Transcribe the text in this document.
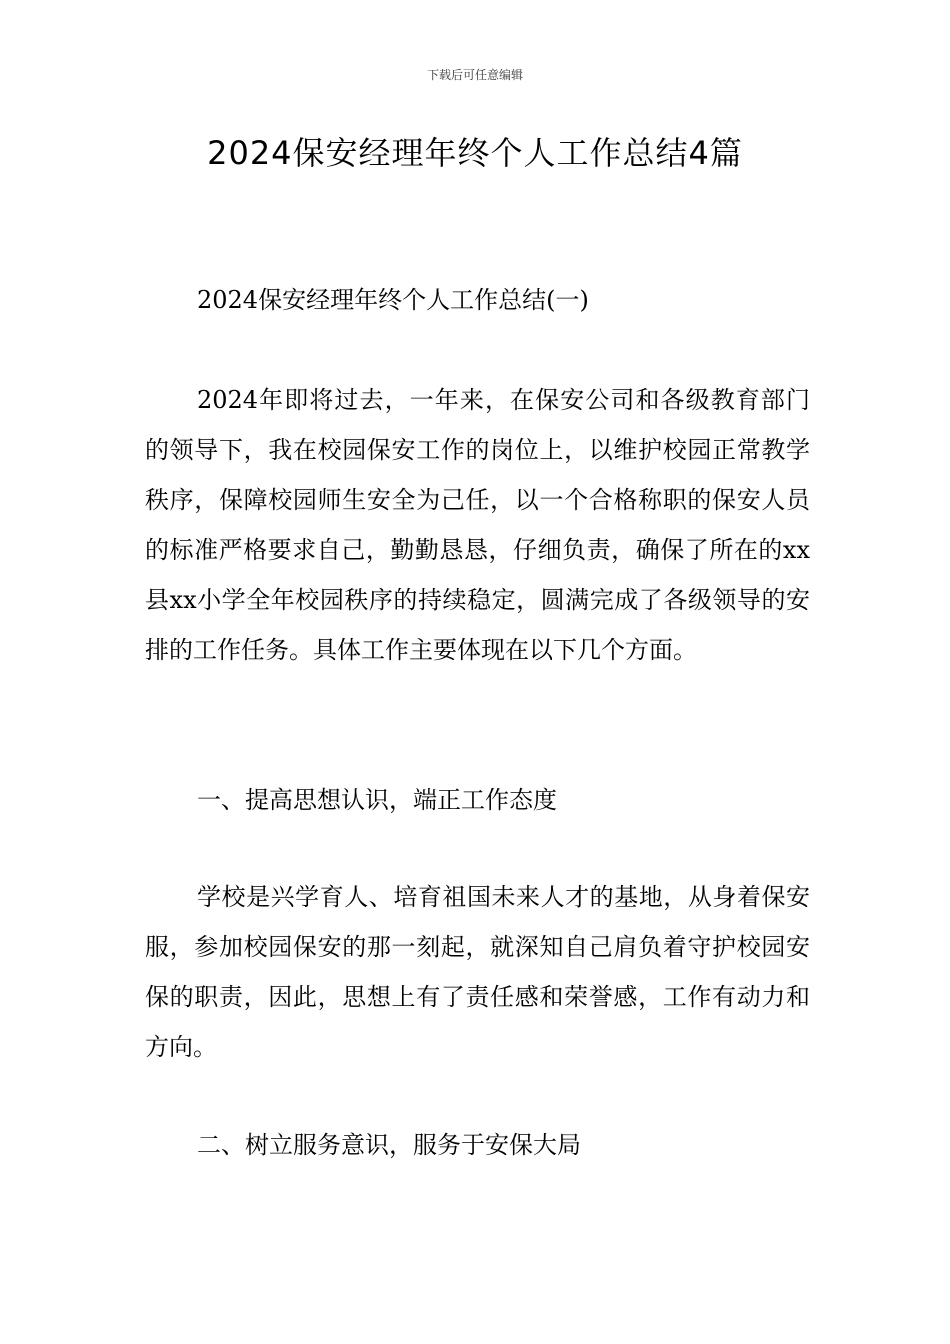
下载后可任意编辑
2024保安经理年终个人工作总结4篇

2024保安经理年终个人工作总结(一)

2024年即将过去，一年来，在保安公司和各级教育部门的领导下，我在校园保安工作的岗位上，以维护校园正常教学秩序，保障校园师生安全为己任，以一个合格称职的保安人员的标准严格要求自己，勤勤恳恳，仔细负责，确保了所在的xx县xx小学全年校园秩序的持续稳定，圆满完成了各级领导的安排的工作任务。具体工作主要体现在以下几个方面。

一、提高思想认识，端正工作态度

学校是兴学育人、培育祖国未来人才的基地，从身着保安服，参加校园保安的那一刻起，就深知自己肩负着守护校园安保的职责，因此，思想上有了责任感和荣誉感，工作有动力和方向。

二、树立服务意识，服务于安保大局
